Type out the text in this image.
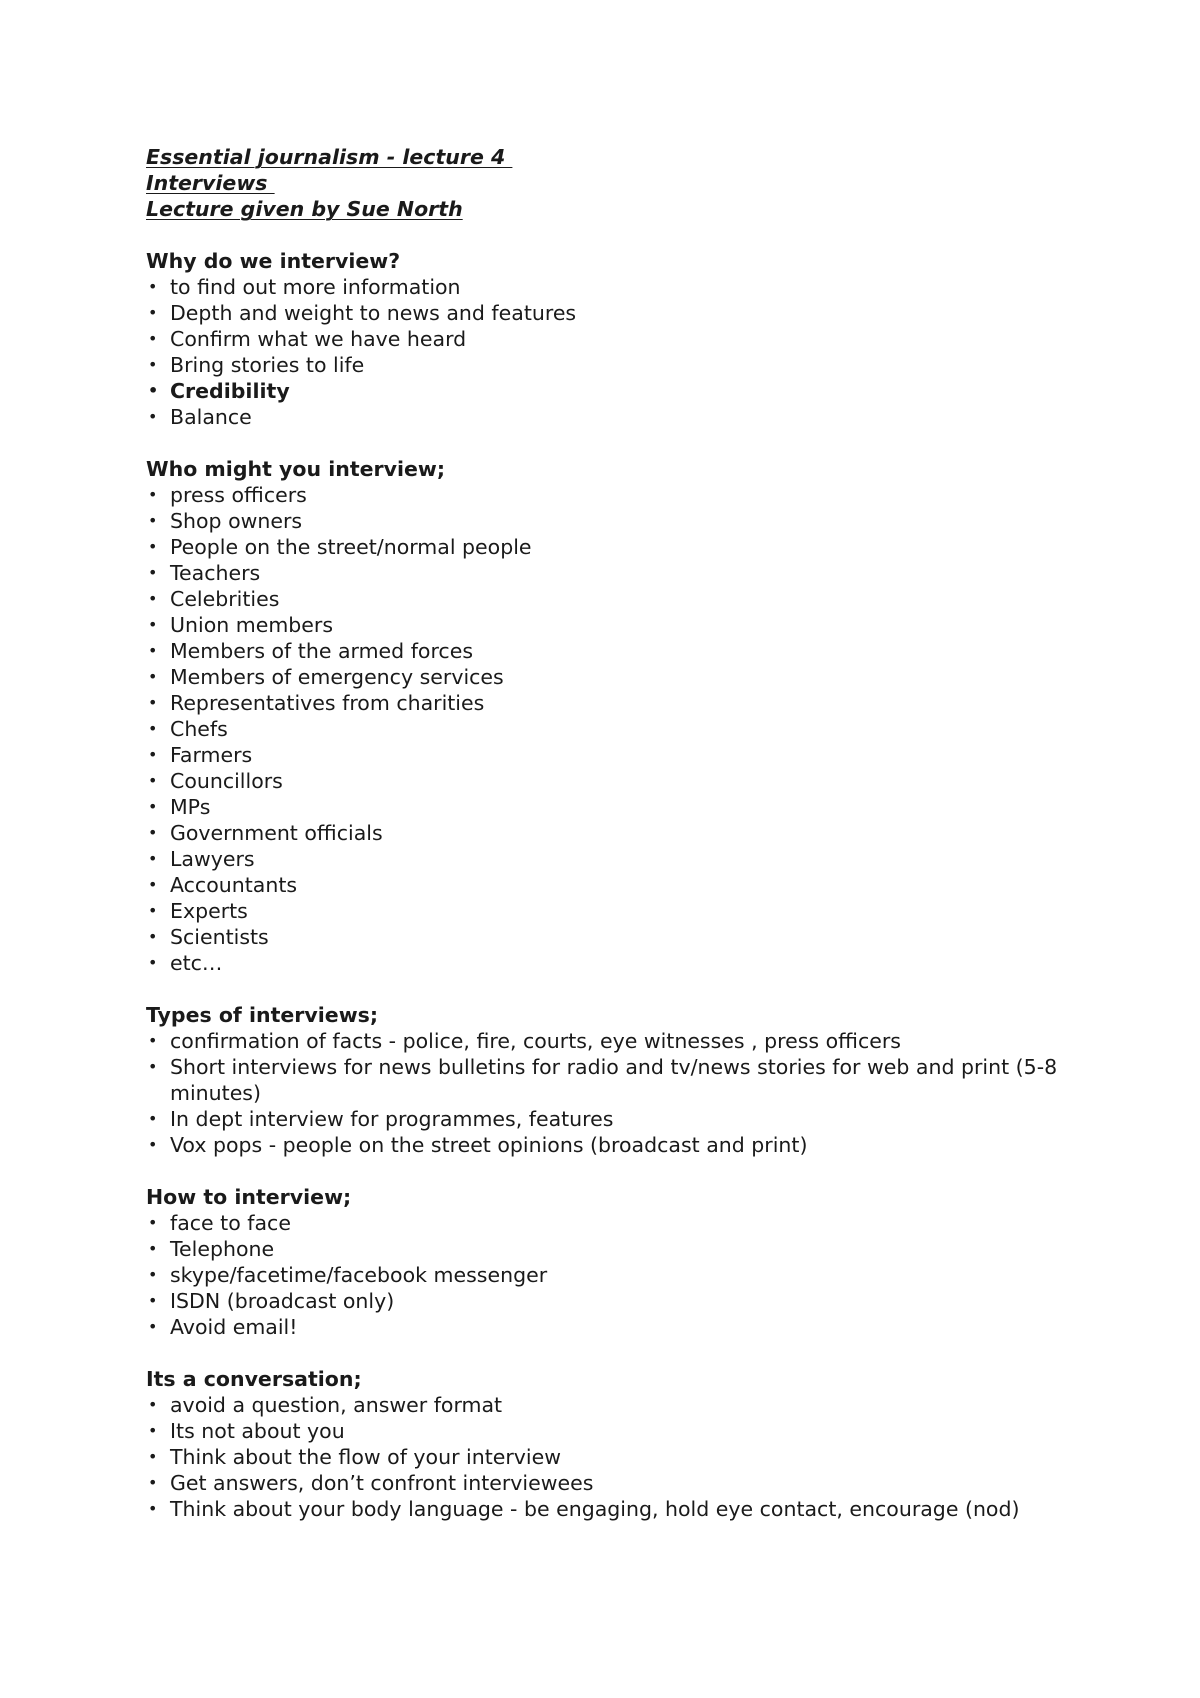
Essential journalism - lecture 4
Interviews
Lecture given by Sue North
Why do we interview?
• to find out more information
• Depth and weight to news and features
• Confirm what we have heard
• Bring stories to life
• Credibility
• Balance
Who might you interview;
• press officers
• Shop owners
• People on the street/normal people
• Teachers
• Celebrities
• Union members
• Members of the armed forces
• Members of emergency services
• Representatives from charities
• Chefs
• Farmers
• Councillors
• MPs
• Government officials
• Lawyers
• Accountants
• Experts
• Scientists
• etc…
Types of interviews;
• confirmation of facts - police, fire, courts, eye witnesses , press officers
• Short interviews for news bulletins for radio and tv/news stories for web and print (5-8 minutes)
• In dept interview for programmes, features
• Vox pops - people on the street opinions (broadcast and print)
How to interview;
• face to face
• Telephone
• skype/facetime/facebook messenger
• ISDN (broadcast only)
• Avoid email!
Its a conversation;
• avoid a question, answer format
• Its not about you
• Think about the flow of your interview
• Get answers, don’t confront interviewees
• Think about your body language - be engaging, hold eye contact, encourage (nod)
